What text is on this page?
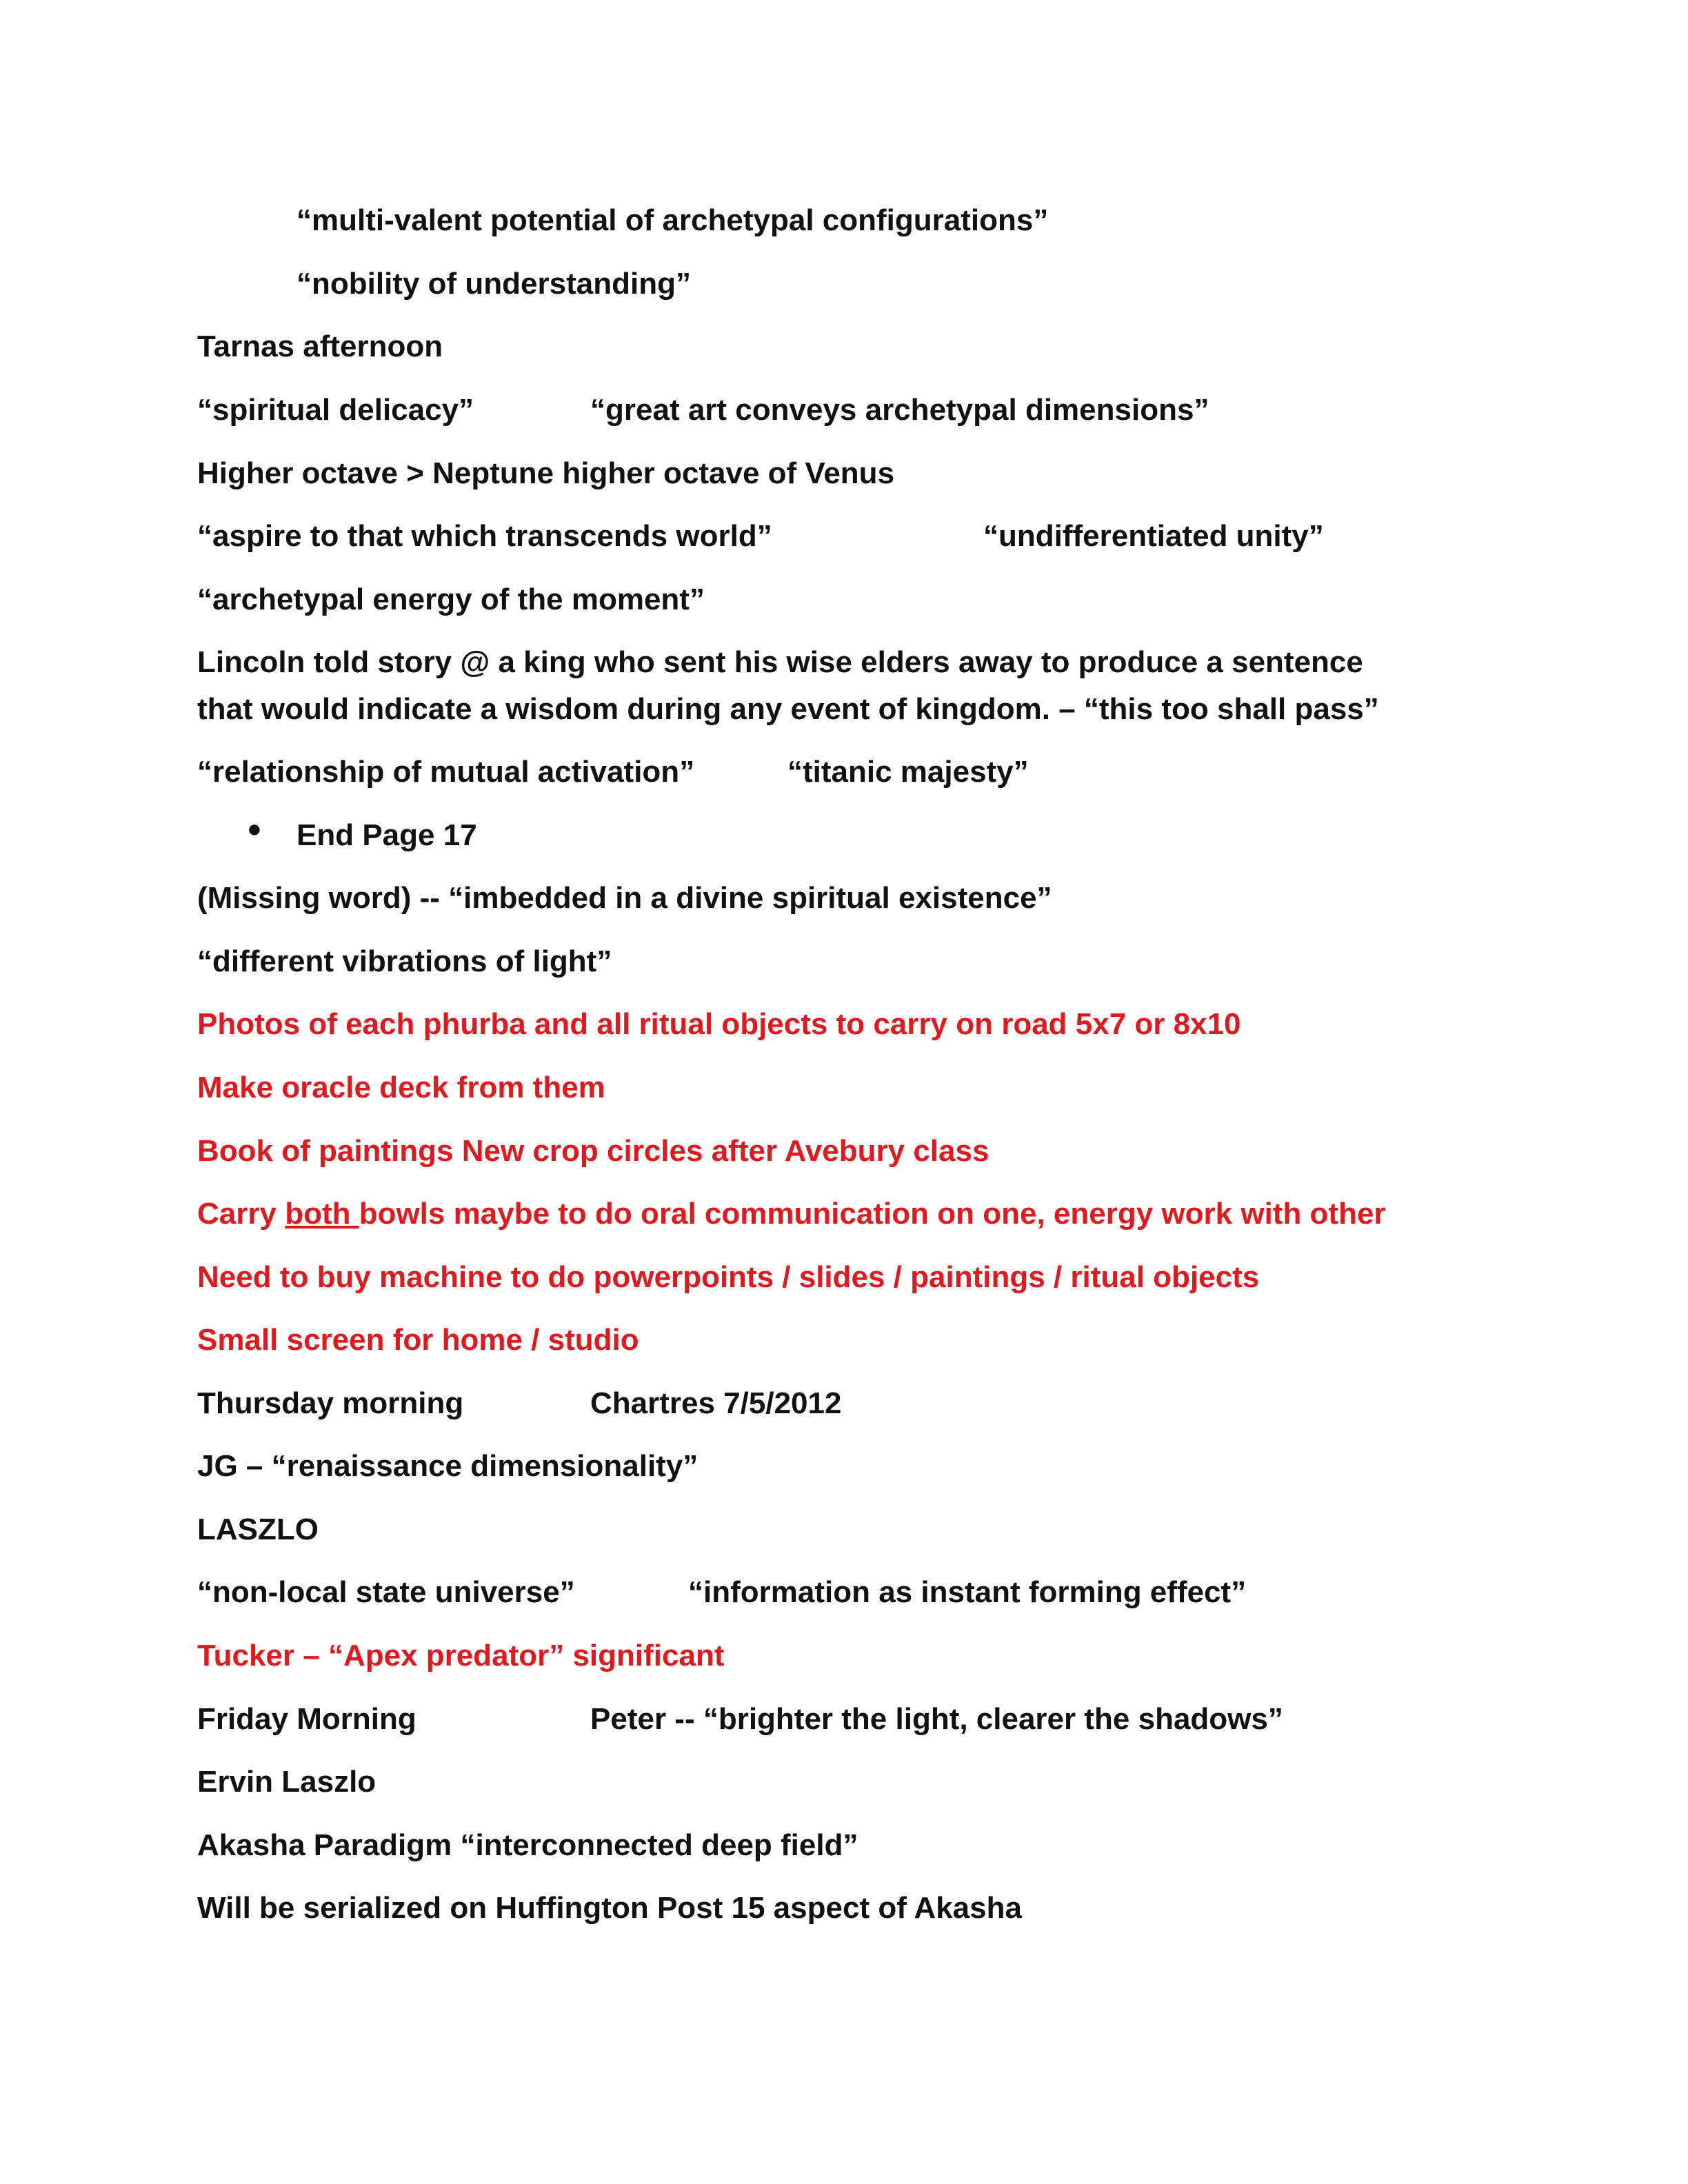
“multi-valent potential of archetypal configurations”
“nobility of understanding”
Tarnas afternoon
“spiritual delicacy”	“great art conveys archetypal dimensions”
Higher octave > Neptune higher octave of Venus
“aspire to that which transcends world”	“undifferentiated unity”
“archetypal energy of the moment”
Lincoln told story @ a king who sent his wise elders away to produce a sentence
that would indicate a wisdom during any event of kingdom. – “this too shall pass”
“relationship of mutual activation”	“titanic majesty”
● End Page 17
(Missing word) -- “imbedded in a divine spiritual existence”
“different vibrations of light”
Photos of each phurba and all ritual objects to carry on road 5x7 or 8x10
Make oracle deck from them
Book of paintings New crop circles after Avebury class
Carry both bowls maybe to do oral communication on one, energy work with other
Need to buy machine to do powerpoints / slides / paintings / ritual objects
Small screen for home / studio
Thursday morning	Chartres 7/5/2012
JG – “renaissance dimensionality”
LASZLO
“non-local state universe”	“information as instant forming effect”
Tucker – “Apex predator” significant
Friday Morning	Peter -- “brighter the light, clearer the shadows”
Ervin Laszlo
Akasha Paradigm “interconnected deep field”
Will be serialized on Huffington Post 15 aspect of Akasha
